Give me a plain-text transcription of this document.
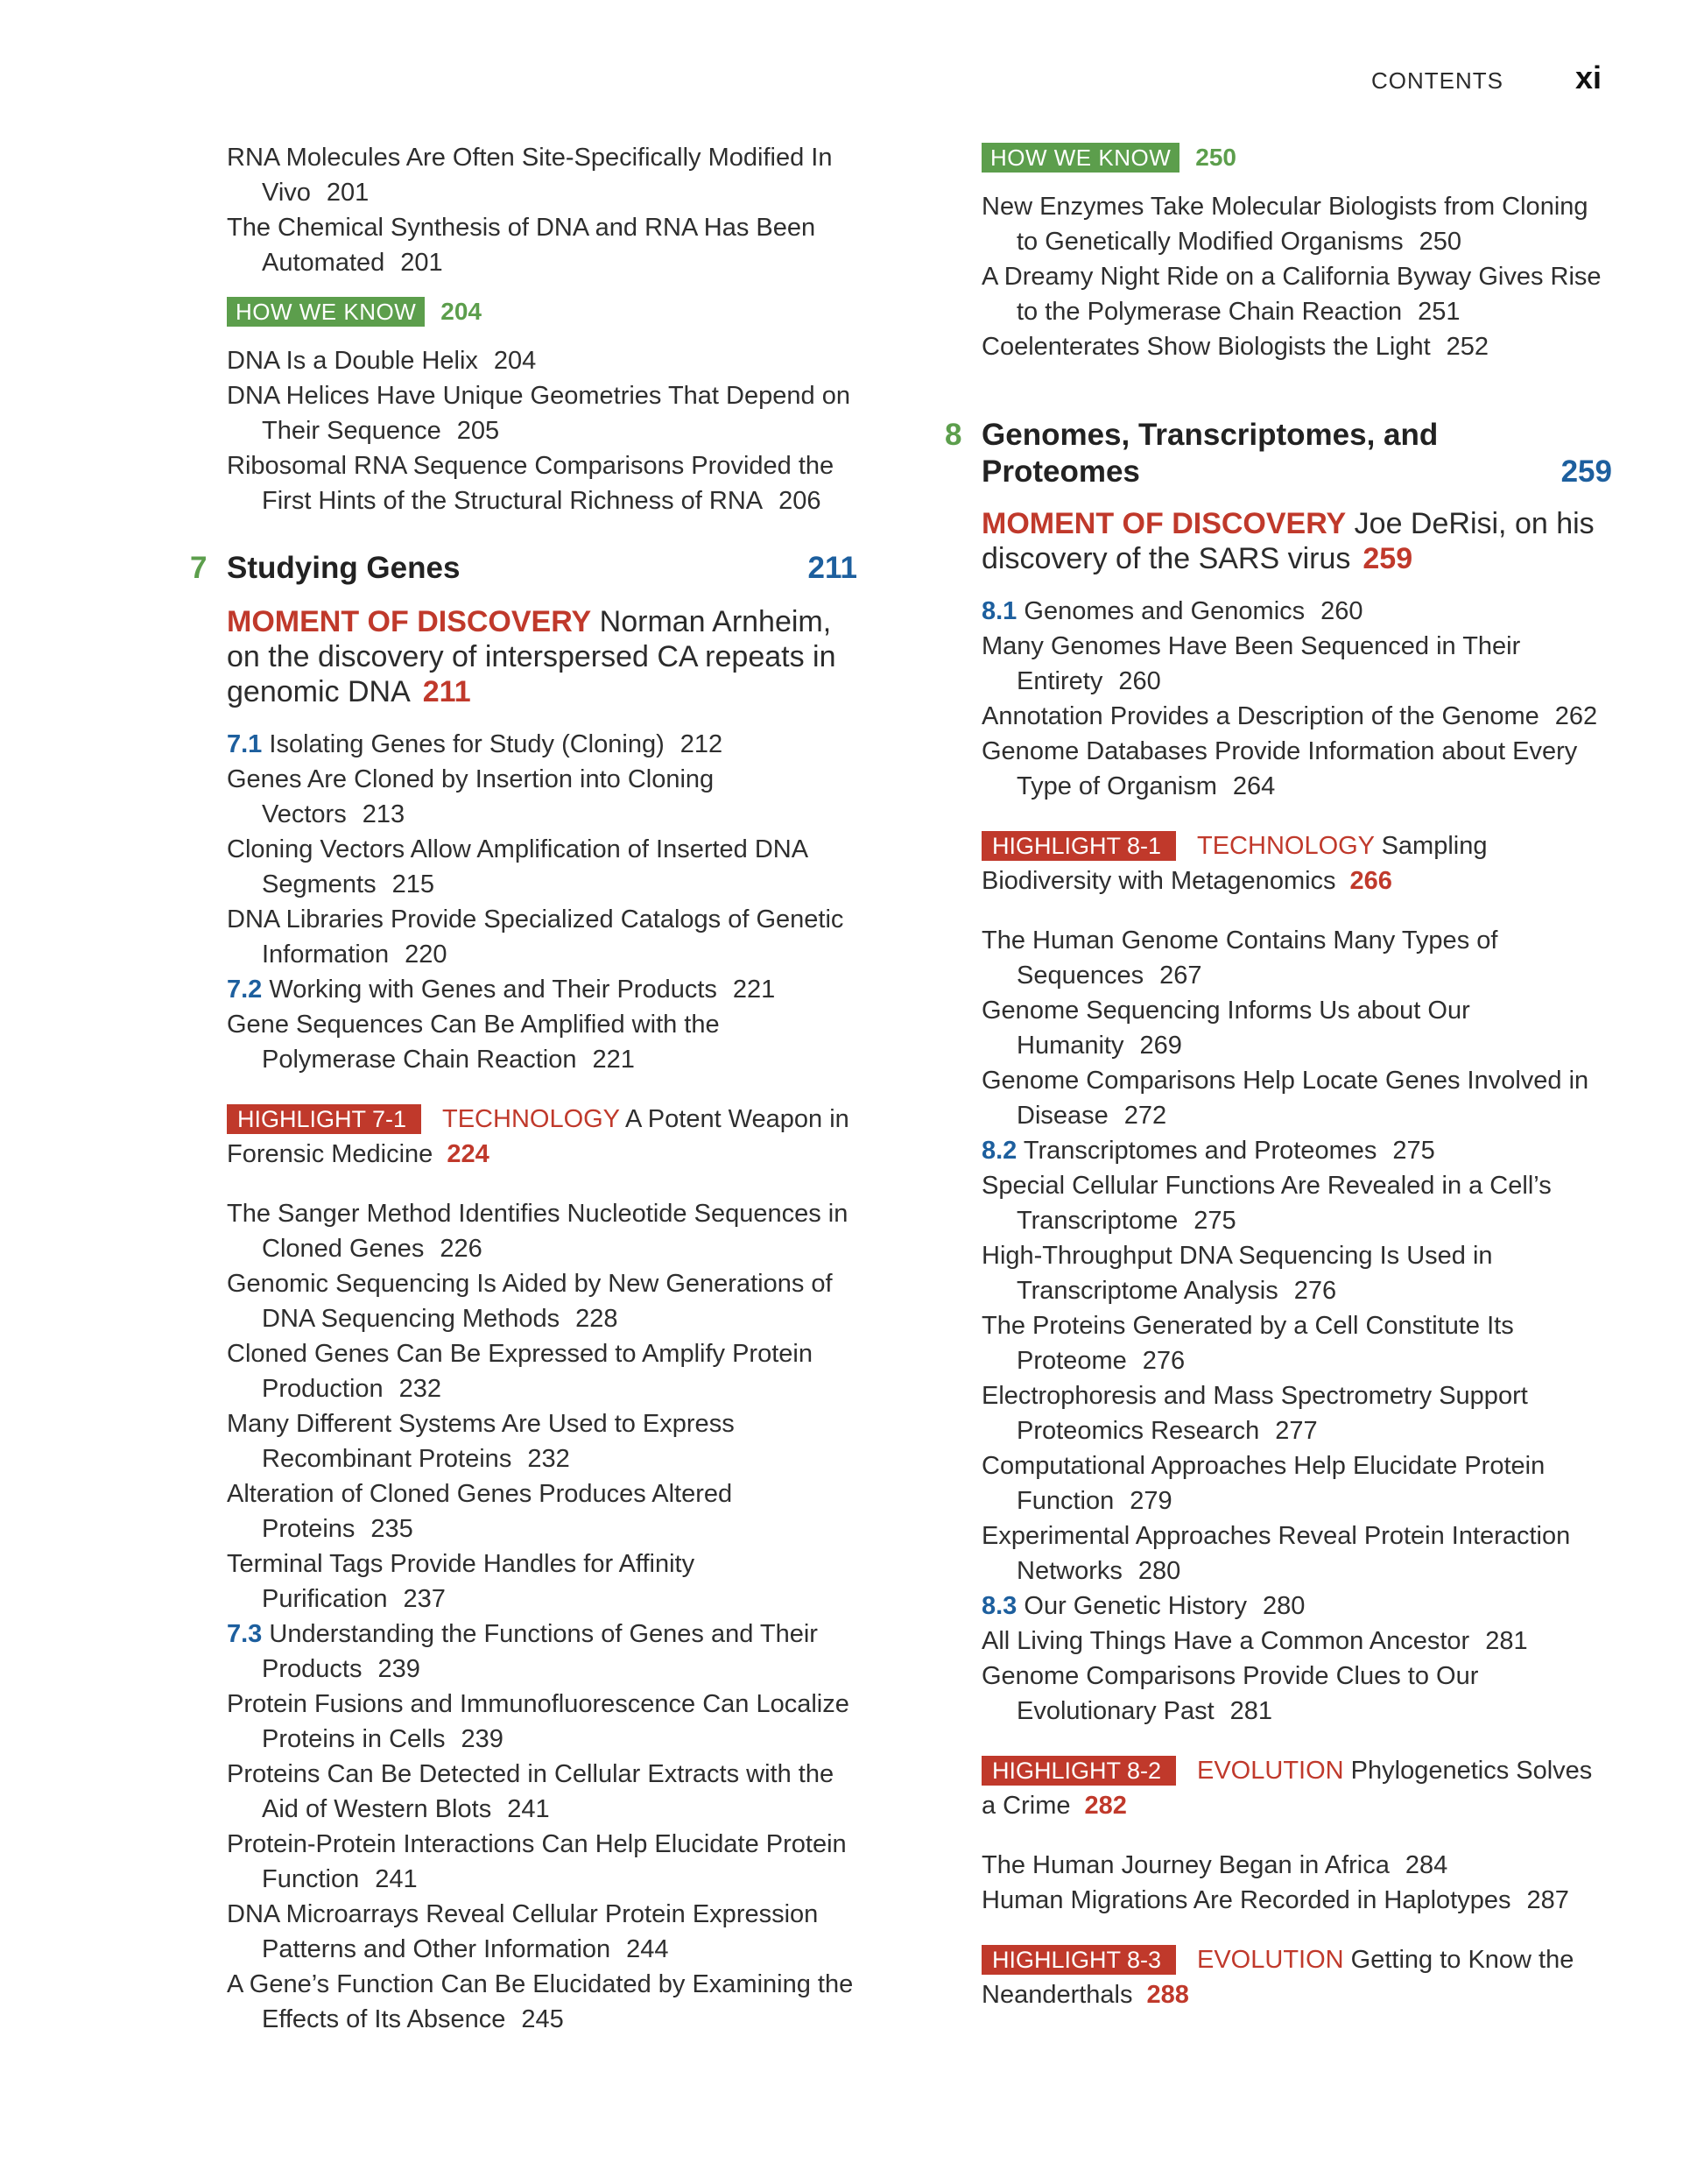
CONTENTS xi
RNA Molecules Are Often Site-Specifically Modified In Vivo 201
The Chemical Synthesis of DNA and RNA Has Been Automated 201
HOW WE KNOW	204
DNA Is a Double Helix 204
DNA Helices Have Unique Geometries That Depend on Their Sequence 205
Ribosomal RNA Sequence Comparisons Provided the First Hints of the Structural Richness of RNA 206
7 Studying Genes	211
MOMENT OF DISCOVERY Norman Arnheim, on the discovery of interspersed CA repeats in genomic DNA 211
7.1 Isolating Genes for Study (Cloning) 212
Genes Are Cloned by Insertion into Cloning Vectors 213
Cloning Vectors Allow Amplification of Inserted DNA Segments 215
DNA Libraries Provide Specialized Catalogs of Genetic Information 220
7.2 Working with Genes and Their Products 221
Gene Sequences Can Be Amplified with the Polymerase Chain Reaction 221
HIGHLIGHT 7-1 TECHNOLOGY A Potent Weapon in Forensic Medicine 224
The Sanger Method Identifies Nucleotide Sequences in Cloned Genes 226
Genomic Sequencing Is Aided by New Generations of DNA Sequencing Methods 228
Cloned Genes Can Be Expressed to Amplify Protein Production 232
Many Different Systems Are Used to Express Recombinant Proteins 232
Alteration of Cloned Genes Produces Altered Proteins 235
Terminal Tags Provide Handles for Affinity Purification 237
7.3 Understanding the Functions of Genes and Their Products 239
Protein Fusions and Immunofluorescence Can Localize Proteins in Cells 239
Proteins Can Be Detected in Cellular Extracts with the Aid of Western Blots 241
Protein-Protein Interactions Can Help Elucidate Protein Function 241
DNA Microarrays Reveal Cellular Protein Expression Patterns and Other Information 244
A Gene’s Function Can Be Elucidated by Examining the Effects of Its Absence 245
HOW WE KNOW	250
New Enzymes Take Molecular Biologists from Cloning to Genetically Modified Organisms 250
A Dreamy Night Ride on a California Byway Gives Rise to the Polymerase Chain Reaction 251
Coelenterates Show Biologists the Light 252
8 Genomes, Transcriptomes, and
Proteomes	259
MOMENT OF DISCOVERY Joe DeRisi, on his discovery of the SARS virus 259
8.1 Genomes and Genomics 260
Many Genomes Have Been Sequenced in Their Entirety 260
Annotation Provides a Description of the Genome 262
Genome Databases Provide Information about Every Type of Organism 264
HIGHLIGHT 8-1 TECHNOLOGY Sampling Biodiversity with Metagenomics 266
The Human Genome Contains Many Types of Sequences 267
Genome Sequencing Informs Us about Our Humanity 269
Genome Comparisons Help Locate Genes Involved in Disease 272
8.2 Transcriptomes and Proteomes 275
Special Cellular Functions Are Revealed in a Cell’s Transcriptome 275
High-Throughput DNA Sequencing Is Used in Transcriptome Analysis 276
The Proteins Generated by a Cell Constitute Its Proteome 276
Electrophoresis and Mass Spectrometry Support Proteomics Research 277
Computational Approaches Help Elucidate Protein Function 279
Experimental Approaches Reveal Protein Interaction Networks 280
8.3 Our Genetic History 280
All Living Things Have a Common Ancestor 281
Genome Comparisons Provide Clues to Our Evolutionary Past 281
HIGHLIGHT 8-2 EVOLUTION Phylogenetics Solves a Crime 282
The Human Journey Began in Africa 284
Human Migrations Are Recorded in Haplotypes 287
HIGHLIGHT 8-3 EVOLUTION Getting to Know the Neanderthals 288
